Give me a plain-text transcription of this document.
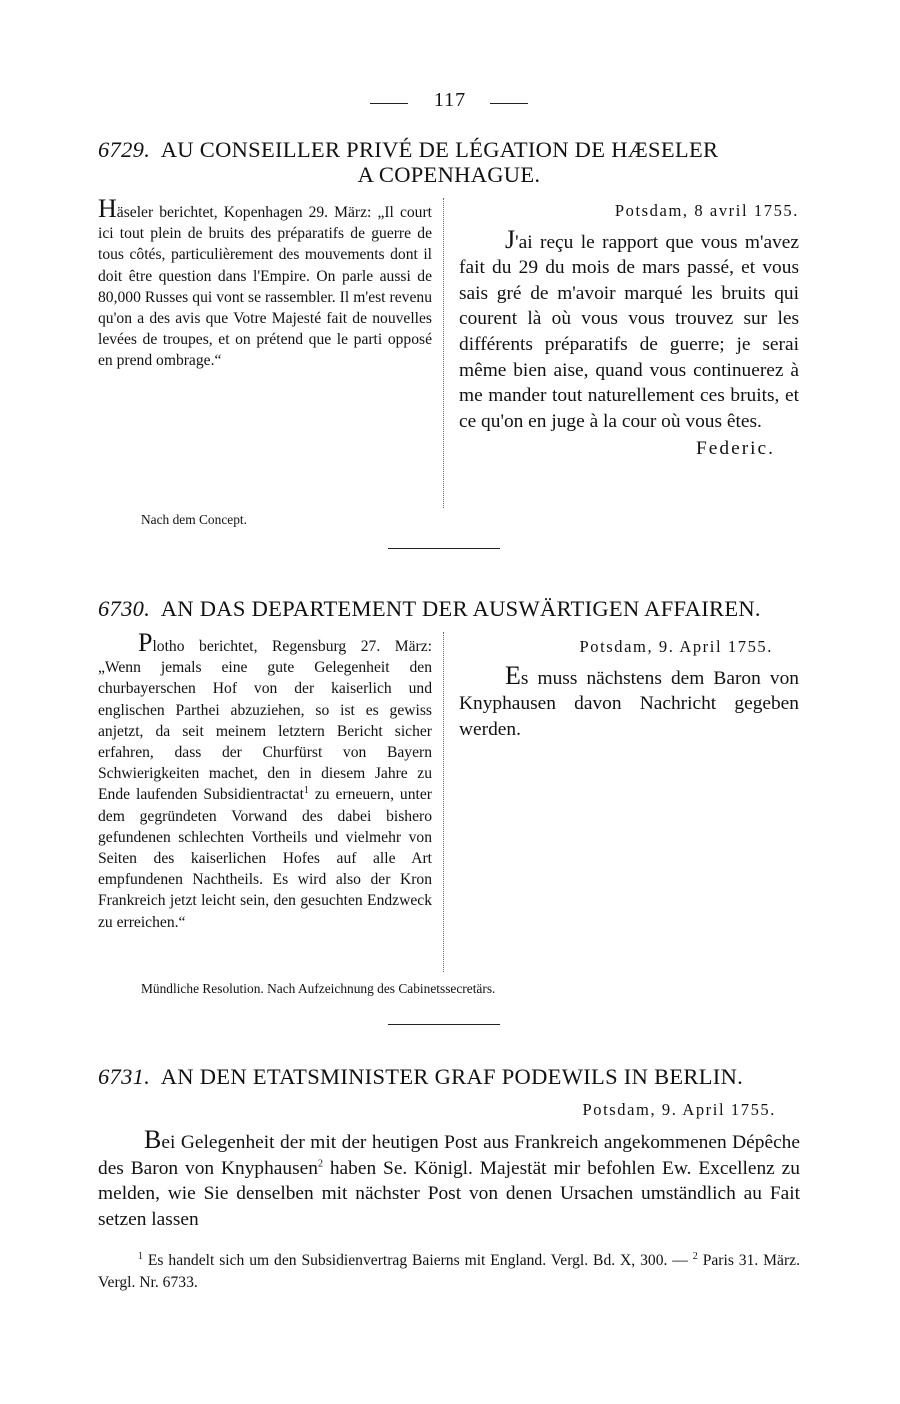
117
6729. AU CONSEILLER PRIVÉ DE LÉGATION DE HÆSELER
A COPENHAGUE.

Häseler berichtet, Kopenhagen 29. März: „Il court ici tout plein de bruits des préparatifs de guerre de tous côtés, particulièrement des mouvements dont il doit être question dans l'Empire. On parle aussi de 80,000 Russes qui vont se rassembler. Il m'est revenu qu'on a des avis que Votre Majesté fait de nouvelles levées de troupes, et on prétend que le parti opposé en prend ombrage.“

Potsdam, 8 avril 1755.

J'ai reçu le rapport que vous m'avez fait du 29 du mois de mars passé, et vous sais gré de m'avoir marqué les bruits qui courent là où vous vous trouvez sur les différents préparatifs de guerre; je serai même bien aise, quand vous continuerez à me mander tout naturellement ces bruits, et ce qu'on en juge à la cour où vous êtes.

Federic.
Nach dem Concept.
6730. AN DAS DEPARTEMENT DER AUSWÄRTIGEN AFFAIREN.

Plotho berichtet, Regensburg 27. März: „Wenn jemals eine gute Gelegenheit den churbayerschen Hof von der kaiserlich und englischen Parthei abzuziehen, so ist es gewiss anjetzt, da seit meinem letztern Bericht sicher erfahren, dass der Churfürst von Bayern Schwierigkeiten machet, den in diesem Jahre zu Ende laufenden Subsidientractat$^1$ zu erneuern, unter dem gegründeten Vorwand des dabei bishero gefundenen schlechten Vortheils und vielmehr von Seiten des kaiserlichen Hofes auf alle Art empfundenen Nachtheils. Es wird also der Kron Frankreich jetzt leicht sein, den gesuchten Endzweck zu erreichen.“

Potsdam, 9. April 1755.

Es muss nächstens dem Baron von Knyphausen davon Nachricht gegeben werden.

Mündliche Resolution. Nach Aufzeichnung des Cabinetssecretärs.
6731. AN DEN ETATSMINISTER GRAF PODEWILS IN BERLIN.
Potsdam, 9. April 1755.

Bei Gelegenheit der mit der heutigen Post aus Frankreich angekommenen Dépêche des Baron von Knyphausen$^2$ haben Se. Königl. Majestät mir befohlen Ew. Excellenz zu melden, wie Sie denselben mit nächster Post von denen Ursachen umständlich au Fait setzen lassen

$^1$ Es handelt sich um den Subsidienvertrag Baierns mit England. Vergl. Bd. X, 300. — $^2$ Paris 31. März. Vergl. Nr. 6733.
